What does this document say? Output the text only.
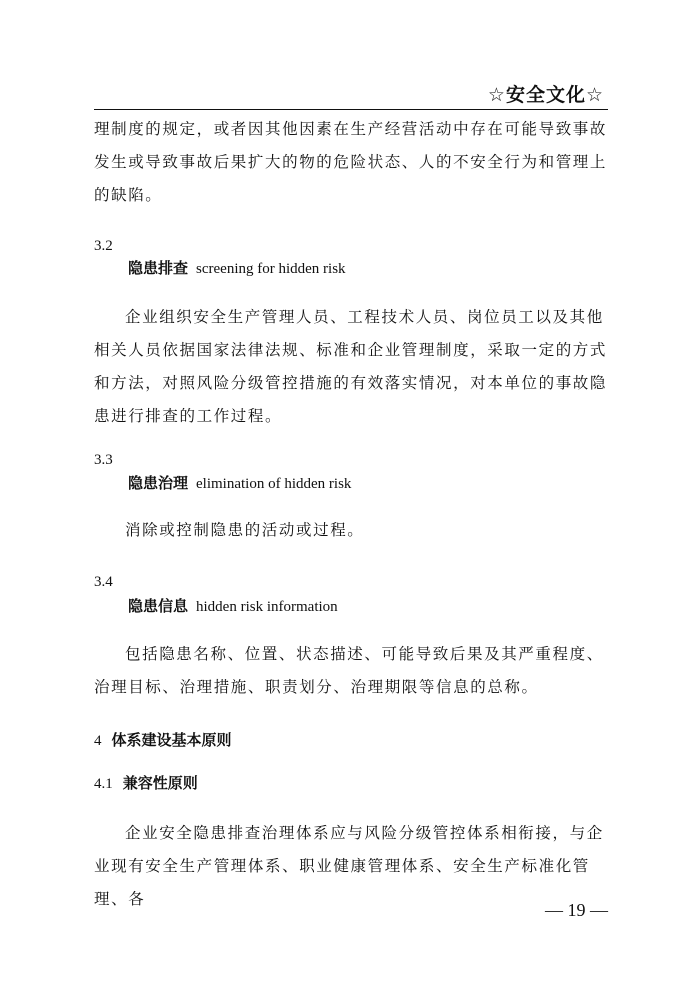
☆安全文化☆

理制度的规定，或者因其他因素在生产经营活动中存在可能导致事故发生或导致事故后果扩大的物的危险状态、人的不安全行为和管理上的缺陷。

3.2
隐患排查 screening for hidden risk

企业组织安全生产管理人员、工程技术人员、岗位员工以及其他相关人员依据国家法律法规、标准和企业管理制度，采取一定的方式和方法，对照风险分级管控措施的有效落实情况，对本单位的事故隐患进行排查的工作过程。

3.3
隐患治理 elimination of hidden risk

消除或控制隐患的活动或过程。

3.4
隐患信息 hidden risk information

包括隐患名称、位置、状态描述、可能导致后果及其严重程度、治理目标、治理措施、职责划分、治理期限等信息的总称。

4 体系建设基本原则
4.1 兼容性原则

企业安全隐患排查治理体系应与风险分级管控体系相衔接，与企业现有安全生产管理体系、职业健康管理体系、安全生产标准化管理、各

— 19 —
